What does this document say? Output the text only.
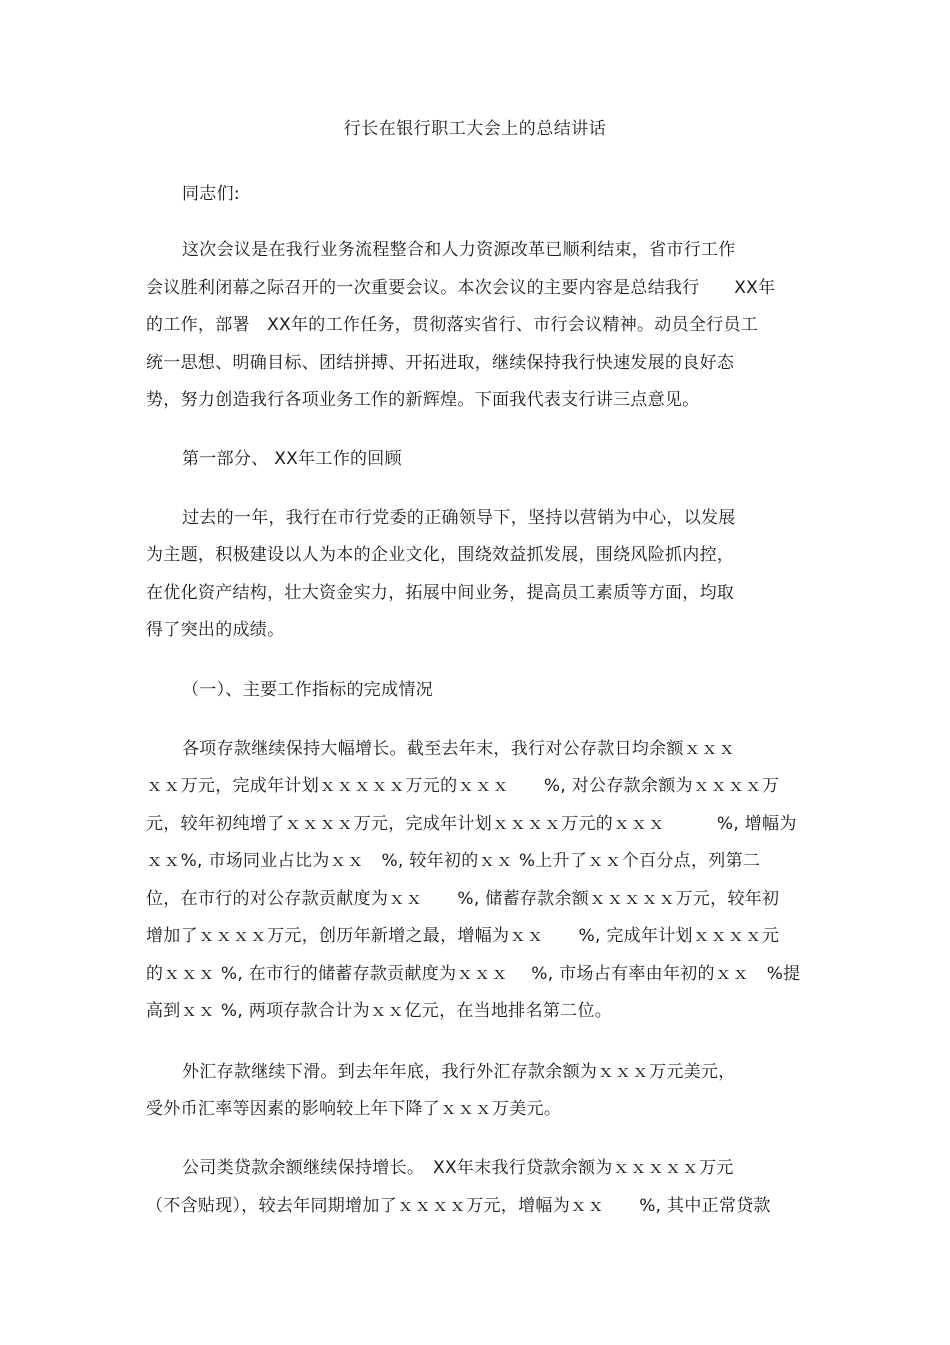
行长在银行职工大会上的总结讲话
同志们:
这次会议是在我行业务流程整合和人力资源改革已顺利结束，省市行工作
会议胜利闭幕之际召开的一次重要会议。本次会议的主要内容是总结我行　　XX年
的工作，部署　XX年的工作任务，贯彻落实省行、市行会议精神。动员全行员工
统一思想、明确目标、团结拼搏、开拓进取，继续保持我行快速发展的良好态
势，努力创造我行各项业务工作的新辉煌。下面我代表支行讲三点意见。
第一部分、 XX年工作的回顾
过去的一年，我行在市行党委的正确领导下，坚持以营销为中心，以发展
为主题，积极建设以人为本的企业文化，围绕效益抓发展，围绕风险抓内控，
在优化资产结构，壮大资金实力，拓展中间业务，提高员工素质等方面，均取
得了突出的成绩。
（一）、主要工作指标的完成情况
各项存款继续保持大幅增长。截至去年末，我行对公存款日均余额ｘｘｘ
ｘｘ万元，完成年计划ｘｘｘｘｘ万元的ｘｘｘ　　%, 对公存款余额为ｘｘｘｘ万
元，较年初纯增了ｘｘｘｘ万元，完成年计划ｘｘｘｘ万元的ｘｘｘ　　　%, 增幅为
ｘｘ%, 市场同业占比为ｘｘ　%, 较年初的ｘｘ %上升了ｘｘ个百分点，列第二
位，在市行的对公存款贡献度为ｘｘ　　%, 储蓄存款余额ｘｘｘｘｘ万元，较年初
增加了ｘｘｘｘ万元，创历年新增之最，增幅为ｘｘ　　%, 完成年计划ｘｘｘｘ元
的ｘｘｘ %, 在市行的储蓄存款贡献度为ｘｘｘ　 %, 市场占有率由年初的ｘｘ　%提
高到ｘｘ %, 两项存款合计为ｘｘ亿元，在当地排名第二位。
外汇存款继续下滑。到去年年底，我行外汇存款余额为ｘｘｘ万元美元，
受外币汇率等因素的影响较上年下降了ｘｘｘ万美元。
公司类贷款余额继续保持增长。　XX年末我行贷款余额为ｘｘｘｘｘ万元
（不含贴现），较去年同期增加了ｘｘｘｘ万元，增幅为ｘｘ　　%, 其中正常贷款
